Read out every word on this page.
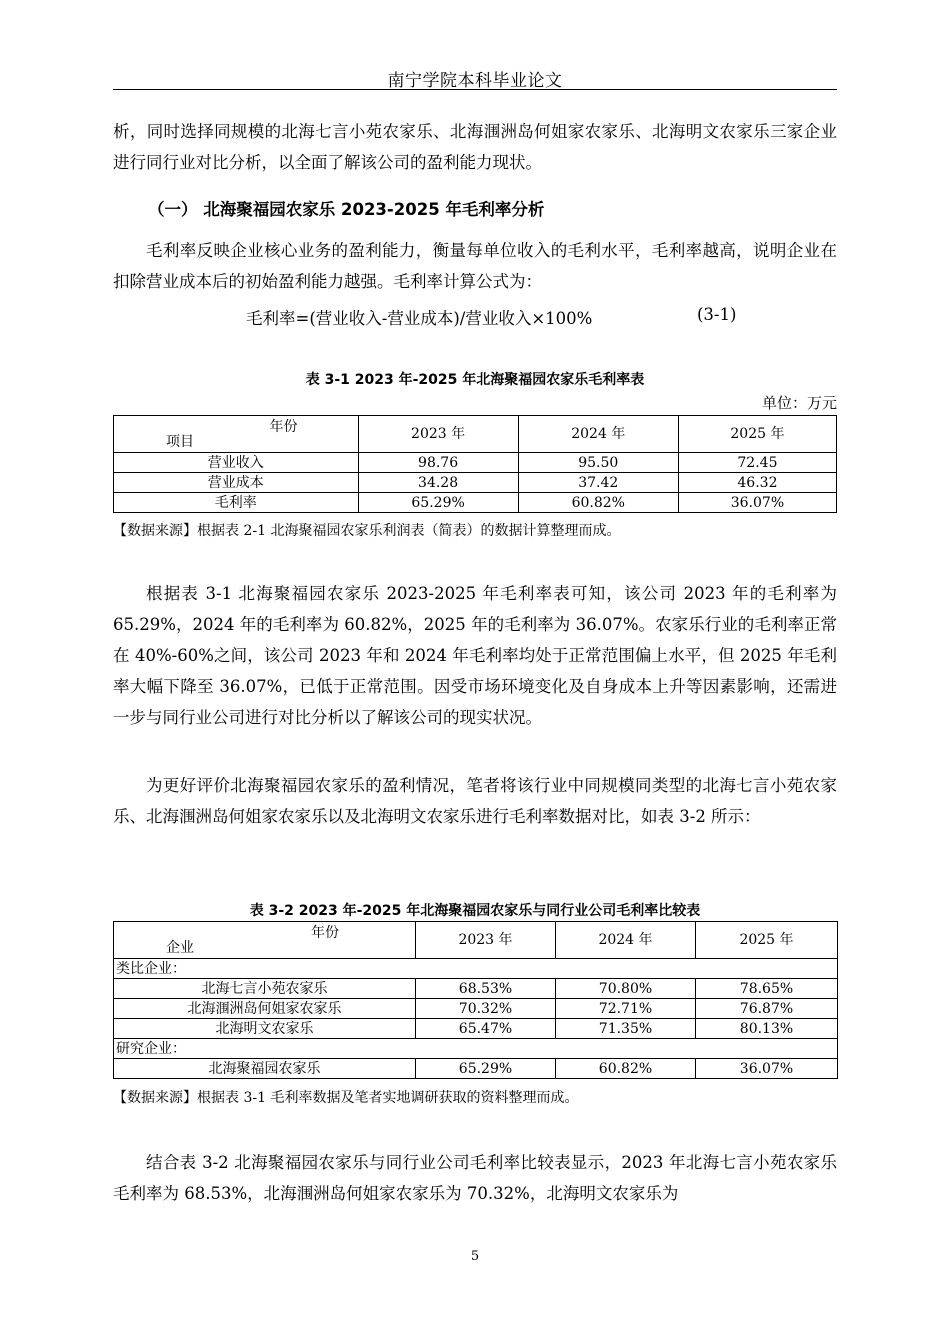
南宁学院本科毕业论文
析，同时选择同规模的北海七言小苑农家乐、北海涠洲岛何姐家农家乐、北海明文农家乐三家企业进行同行业对比分析，以全面了解该公司的盈利能力现状。
（一） 北海聚福园农家乐 2023-2025 年毛利率分析
毛利率反映企业核心业务的盈利能力，衡量每单位收入的毛利水平，毛利率越高，说明企业在扣除营业成本后的初始盈利能力越强。毛利率计算公式为：
毛利率=(营业收入-营业成本)/营业收入×100%	(3-1)
表 3-1 2023 年-2025 年北海聚福园农家乐毛利率表
单位：万元
年份
项目	2023 年	2024 年	2025 年
营业收入	98.76	95.50	72.45
营业成本	34.28	37.42	46.32
毛利率	65.29%	60.82%	36.07%
【数据来源】根据表 2-1 北海聚福园农家乐利润表（简表）的数据计算整理而成。
根据表 3-1 北海聚福园农家乐 2023-2025 年毛利率表可知，该公司 2023 年的毛利率为 65.29%，2024 年的毛利率为 60.82%，2025 年的毛利率为 36.07%。农家乐行业的毛利率正常在 40%-60%之间，该公司 2023 年和 2024 年毛利率均处于正常范围偏上水平，但 2025 年毛利率大幅下降至 36.07%，已低于正常范围。因受市场环境变化及自身成本上升等因素影响，还需进一步与同行业公司进行对比分析以了解该公司的现实状况。
为更好评价北海聚福园农家乐的盈利情况，笔者将该行业中同规模同类型的北海七言小苑农家乐、北海涠洲岛何姐家农家乐以及北海明文农家乐进行毛利率数据对比，如表 3-2 所示：
表 3-2 2023 年-2025 年北海聚福园农家乐与同行业公司毛利率比较表
年份
企业	2023 年	2024 年	2025 年
类比企业：			
北海七言小苑农家乐	68.53%	70.80%	78.65%
北海涠洲岛何姐家农家乐	70.32%	72.71%	76.87%
北海明文农家乐	65.47%	71.35%	80.13%
研究企业：			
北海聚福园农家乐	65.29%	60.82%	36.07%
【数据来源】根据表 3-1 毛利率数据及笔者实地调研获取的资料整理而成。
结合表 3-2 北海聚福园农家乐与同行业公司毛利率比较表显示，2023 年北海七言小苑农家乐毛利率为 68.53%，北海涠洲岛何姐家农家乐为 70.32%，北海明文农家乐为
5
